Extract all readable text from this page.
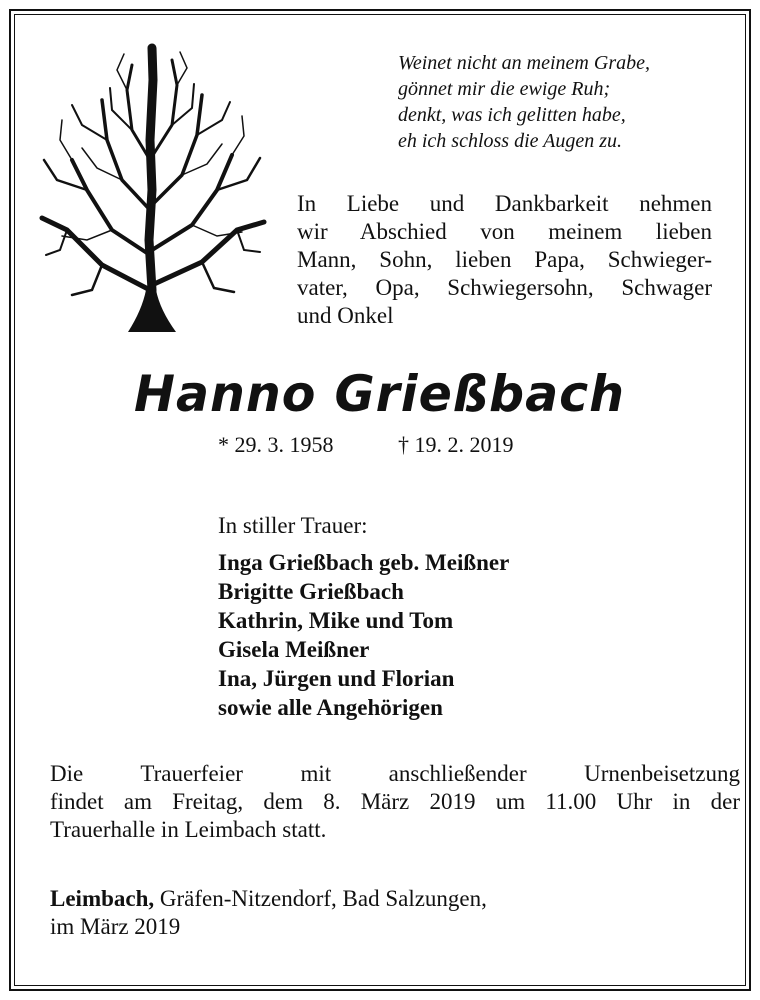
Weinet nicht an meinem Grabe,
gönnet mir die ewige Ruh;
denkt, was ich gelitten habe,
eh ich schloss die Augen zu.
In Liebe und Dankbarkeit nehmen
wir Abschied von meinem lieben
Mann, Sohn, lieben Papa, Schwieger-
vater, Opa, Schwiegersohn, Schwager
und Onkel
Hanno Grießbach
* 29. 3. 1958	† 19. 2. 2019
In stiller Trauer:
Inga Grießbach geb. Meißner
Brigitte Grießbach
Kathrin, Mike und Tom
Gisela Meißner
Ina, Jürgen und Florian
sowie alle Angehörigen
Die Trauerfeier mit anschließender Urnenbeisetzung
findet am Freitag, dem 8. März 2019 um 11.00 Uhr in der
Trauerhalle in Leimbach statt.
Leimbach, Gräfen-Nitzendorf, Bad Salzungen,
im März 2019
